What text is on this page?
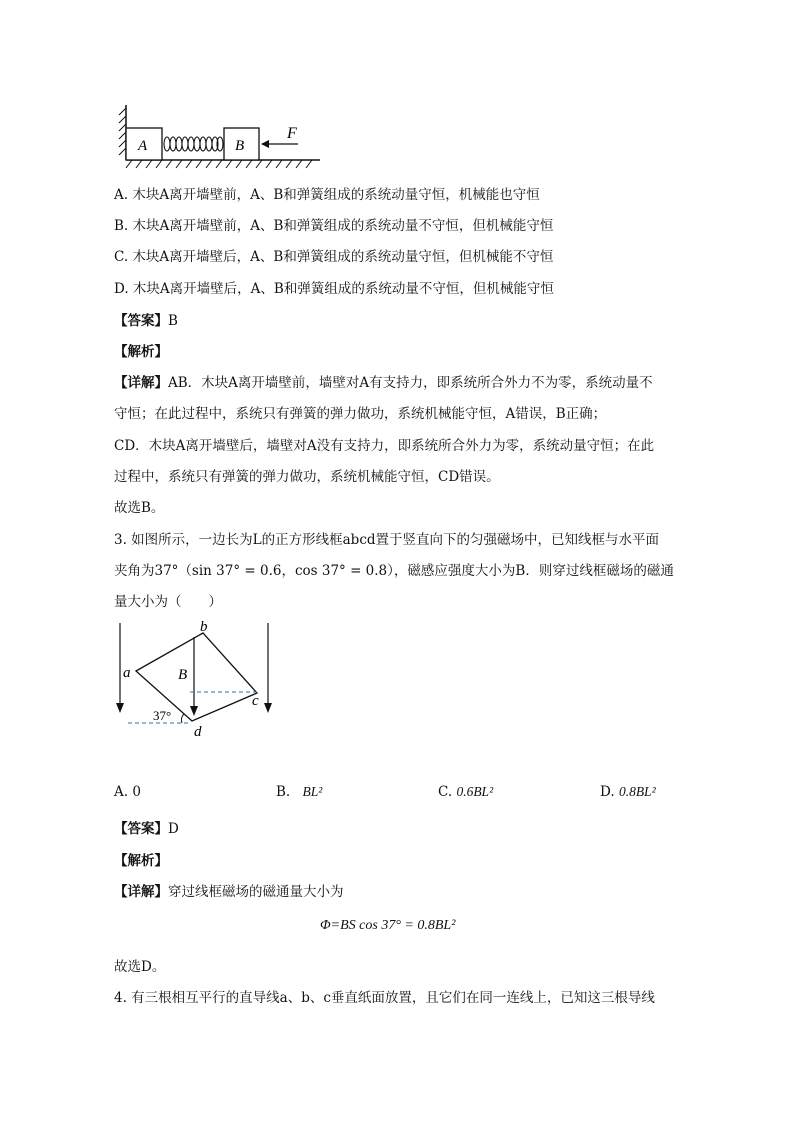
A	B
F
A. 木块A离开墙壁前，A、B和弹簧组成的系统动量守恒，机械能也守恒
B. 木块A离开墙壁前，A、B和弹簧组成的系统动量不守恒，但机械能守恒
C. 木块A离开墙壁后，A、B和弹簧组成的系统动量守恒，但机械能不守恒
D. 木块A离开墙壁后，A、B和弹簧组成的系统动量不守恒，但机械能守恒
【答案】B
【解析】
【详解】AB．木块A离开墙壁前，墙壁对A有支持力，即系统所合外力不为零，系统动量不
守恒；在此过程中，系统只有弹簧的弹力做功，系统机械能守恒，A错误，B正确；
CD．木块A离开墙壁后，墙壁对A没有支持力，即系统所合外力为零，系统动量守恒；在此
过程中，系统只有弹簧的弹力做功，系统机械能守恒，CD错误。
故选B。
3. 如图所示，一边长为L的正方形线框abcd置于竖直向下的匀强磁场中，已知线框与水平面
夹角为37°（sin 37° = 0.6，cos 37° = 0.8），磁感应强度大小为B．则穿过线框磁场的磁通
量大小为（　　）
a
b
c
d
B
37°
A. 0	B. BL²	C. 0.6BL²	D. 0.8BL²
【答案】D
【解析】
【详解】穿过线框磁场的磁通量大小为
Φ=BS cos 37° = 0.8BL²
故选D。
4. 有三根相互平行的直导线a、b、c垂直纸面放置，且它们在同一连线上，已知这三根导线
